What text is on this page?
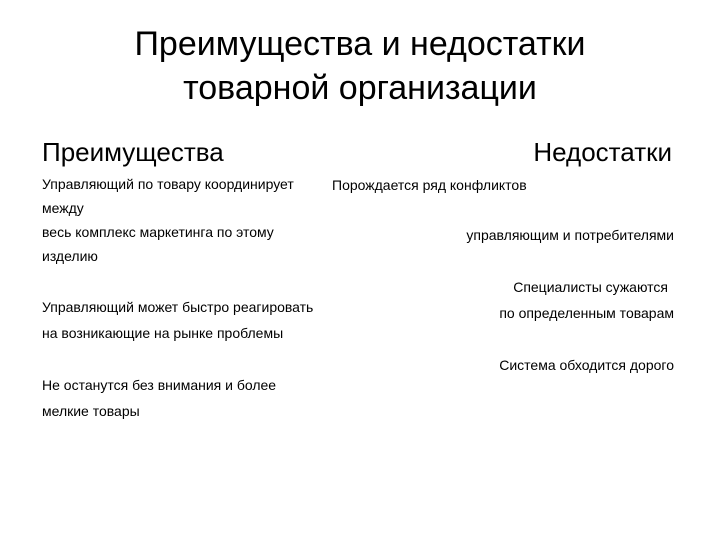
Преимущества и недостатки
товарной организации
Преимущества	Недостатки
Управляющий по товару координирует
между
весь комплекс маркетинга по этому
изделию
Управляющий может быстро реагировать
на возникающие на рынке проблемы
Не останутся без внимания и более
мелкие товары
Порождается ряд конфликтов
управляющим и потребителями
Специалисты сужаются
по определенным товарам
Система обходится дорого
